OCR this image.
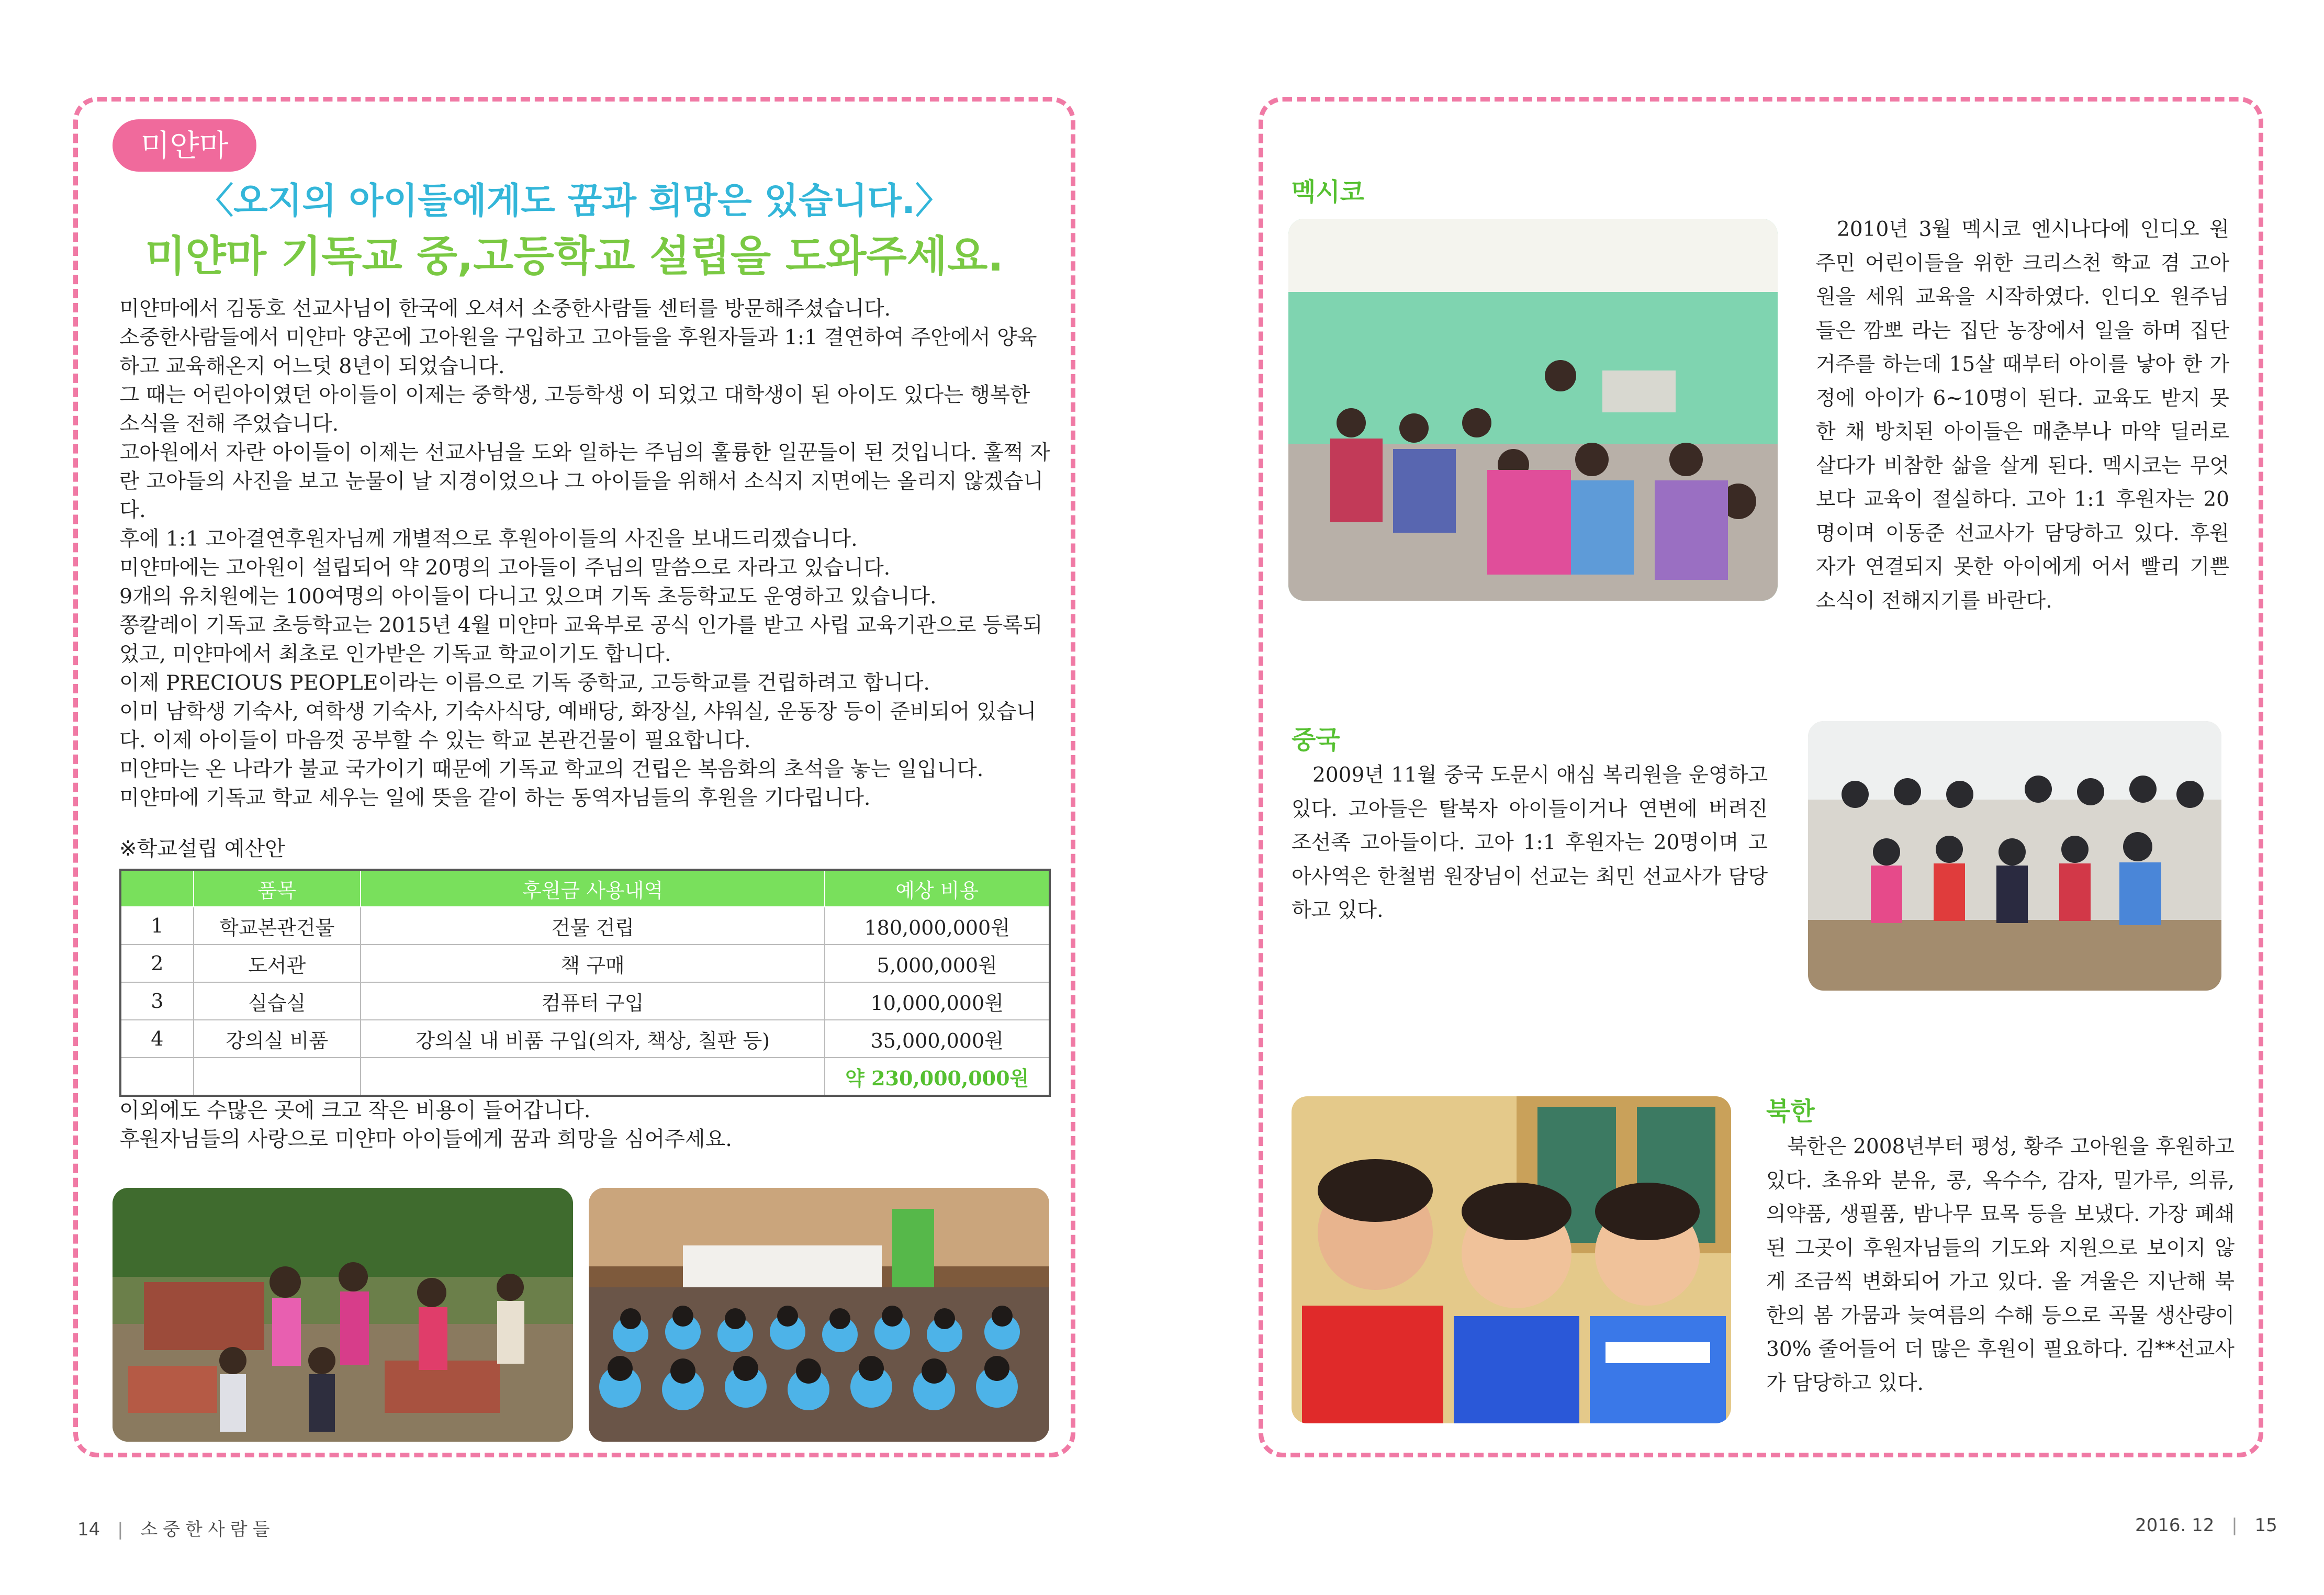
미얀마
〈오지의 아이들에게도 꿈과 희망은 있습니다.〉
미얀마 기독교 중,고등학교 설립을 도와주세요.

미얀마에서 김동호 선교사님이 한국에 오셔서 소중한사람들 센터를 방문해주셨습니다.

소중한사람들에서 미얀마 양곤에 고아원을 구입하고 고아들을 후원자들과 1:1 결연하여 주안에서 양육하고 교육해온지 어느덧 8년이 되었습니다.

그 때는 어린아이였던 아이들이 이제는 중학생, 고등학생 이 되었고 대학생이 된 아이도 있다는 행복한 소식을 전해 주었습니다.

고아원에서 자란 아이들이 이제는 선교사님을 도와 일하는 주님의 훌륭한 일꾼들이 된 것입니다. 훌쩍 자란 고아들의 사진을 보고 눈물이 날 지경이었으나 그 아이들을 위해서 소식지 지면에는 올리지 않겠습니다.

후에 1:1 고아결연후원자님께 개별적으로 후원아이들의 사진을 보내드리겠습니다.

미얀마에는 고아원이 설립되어 약 20명의 고아들이 주님의 말씀으로 자라고 있습니다.

9개의 유치원에는 100여명의 아이들이 다니고 있으며 기독 초등학교도 운영하고 있습니다.

쫑칼레이 기독교 초등학교는 2015년 4월 미얀마 교육부로 공식 인가를 받고 사립 교육기관으로 등록되었고, 미얀마에서 최초로 인가받은 기독교 학교이기도 합니다.

이제 PRECIOUS PEOPLE이라는 이름으로 기독 중학교, 고등학교를 건립하려고 합니다.

이미 남학생 기숙사, 여학생 기숙사, 기숙사식당, 예배당, 화장실, 샤워실, 운동장 등이 준비되어 있습니다. 이제 아이들이 마음껏 공부할 수 있는 학교 본관건물이 필요합니다.

미얀마는 온 나라가 불교 국가이기 때문에 기독교 학교의 건립은 복음화의 초석을 놓는 일입니다.

미얀마에 기독교 학교 세우는 일에 뜻을 같이 하는 동역자님들의 후원을 기다립니다.

※학교설립 예산안
	품목	후원금 사용내역	예상 비용
1	학교본관건물	건물 건립	180,000,000원
2	도서관	책 구매	5,000,000원
3	실습실	컴퓨터 구입	10,000,000원
4	강의실 비품	강의실 내 비품 구입(의자, 책상, 칠판 등)	35,000,000원
			약 230,000,000원

이외에도 수많은 곳에 크고 작은 비용이 들어갑니다.

후원자님들의 사랑으로 미얀마 아이들에게 꿈과 희망을 심어주세요.

멕시코
2010년 3월 멕시코 엔시나다에 인디오 원주민 어린이들을 위한 크리스천 학교 겸 고아원을 세워 교육을 시작하였다. 인디오 원주님들은 깜뽀 라는 집단 농장에서 일을 하며 집단 거주를 하는데 15살 때부터 아이를 낳아 한 가정에 아이가 6~10명이 된다. 교육도 받지 못한 채 방치된 아이들은 매춘부나 마약 딜러로 살다가 비참한 삶을 살게 된다. 멕시코는 무엇보다 교육이 절실하다. 고아 1:1 후원자는 20명이며 이동준 선교사가 담당하고 있다. 후원자가 연결되지 못한 아이에게 어서 빨리 기쁜 소식이 전해지기를 바란다.
중국
2009년 11월 중국 도문시 애심 복리원을 운영하고 있다. 고아들은 탈북자 아이들이거나 연변에 버려진 조선족 고아들이다. 고아 1:1 후원자는 20명이며 고아사역은 한철범 원장님이 선교는 최민 선교사가 담당하고 있다.
북한
북한은 2008년부터 평성, 황주 고아원을 후원하고 있다. 초유와 분유, 콩, 옥수수, 감자, 밀가루, 의류, 의약품, 생필품, 밤나무 묘목 등을 보냈다. 가장 폐쇄된 그곳이 후원자님들의 기도와 지원으로 보이지 않게 조금씩 변화되어 가고 있다. 올 겨울은 지난해 북한의 봄 가뭄과 늦여름의 수해 등으로 곡물 생산량이 30% 줄어들어 더 많은 후원이 필요하다. 김**선교사가 담당하고 있다.
14 | 소중한사람들	2016. 12 | 15
